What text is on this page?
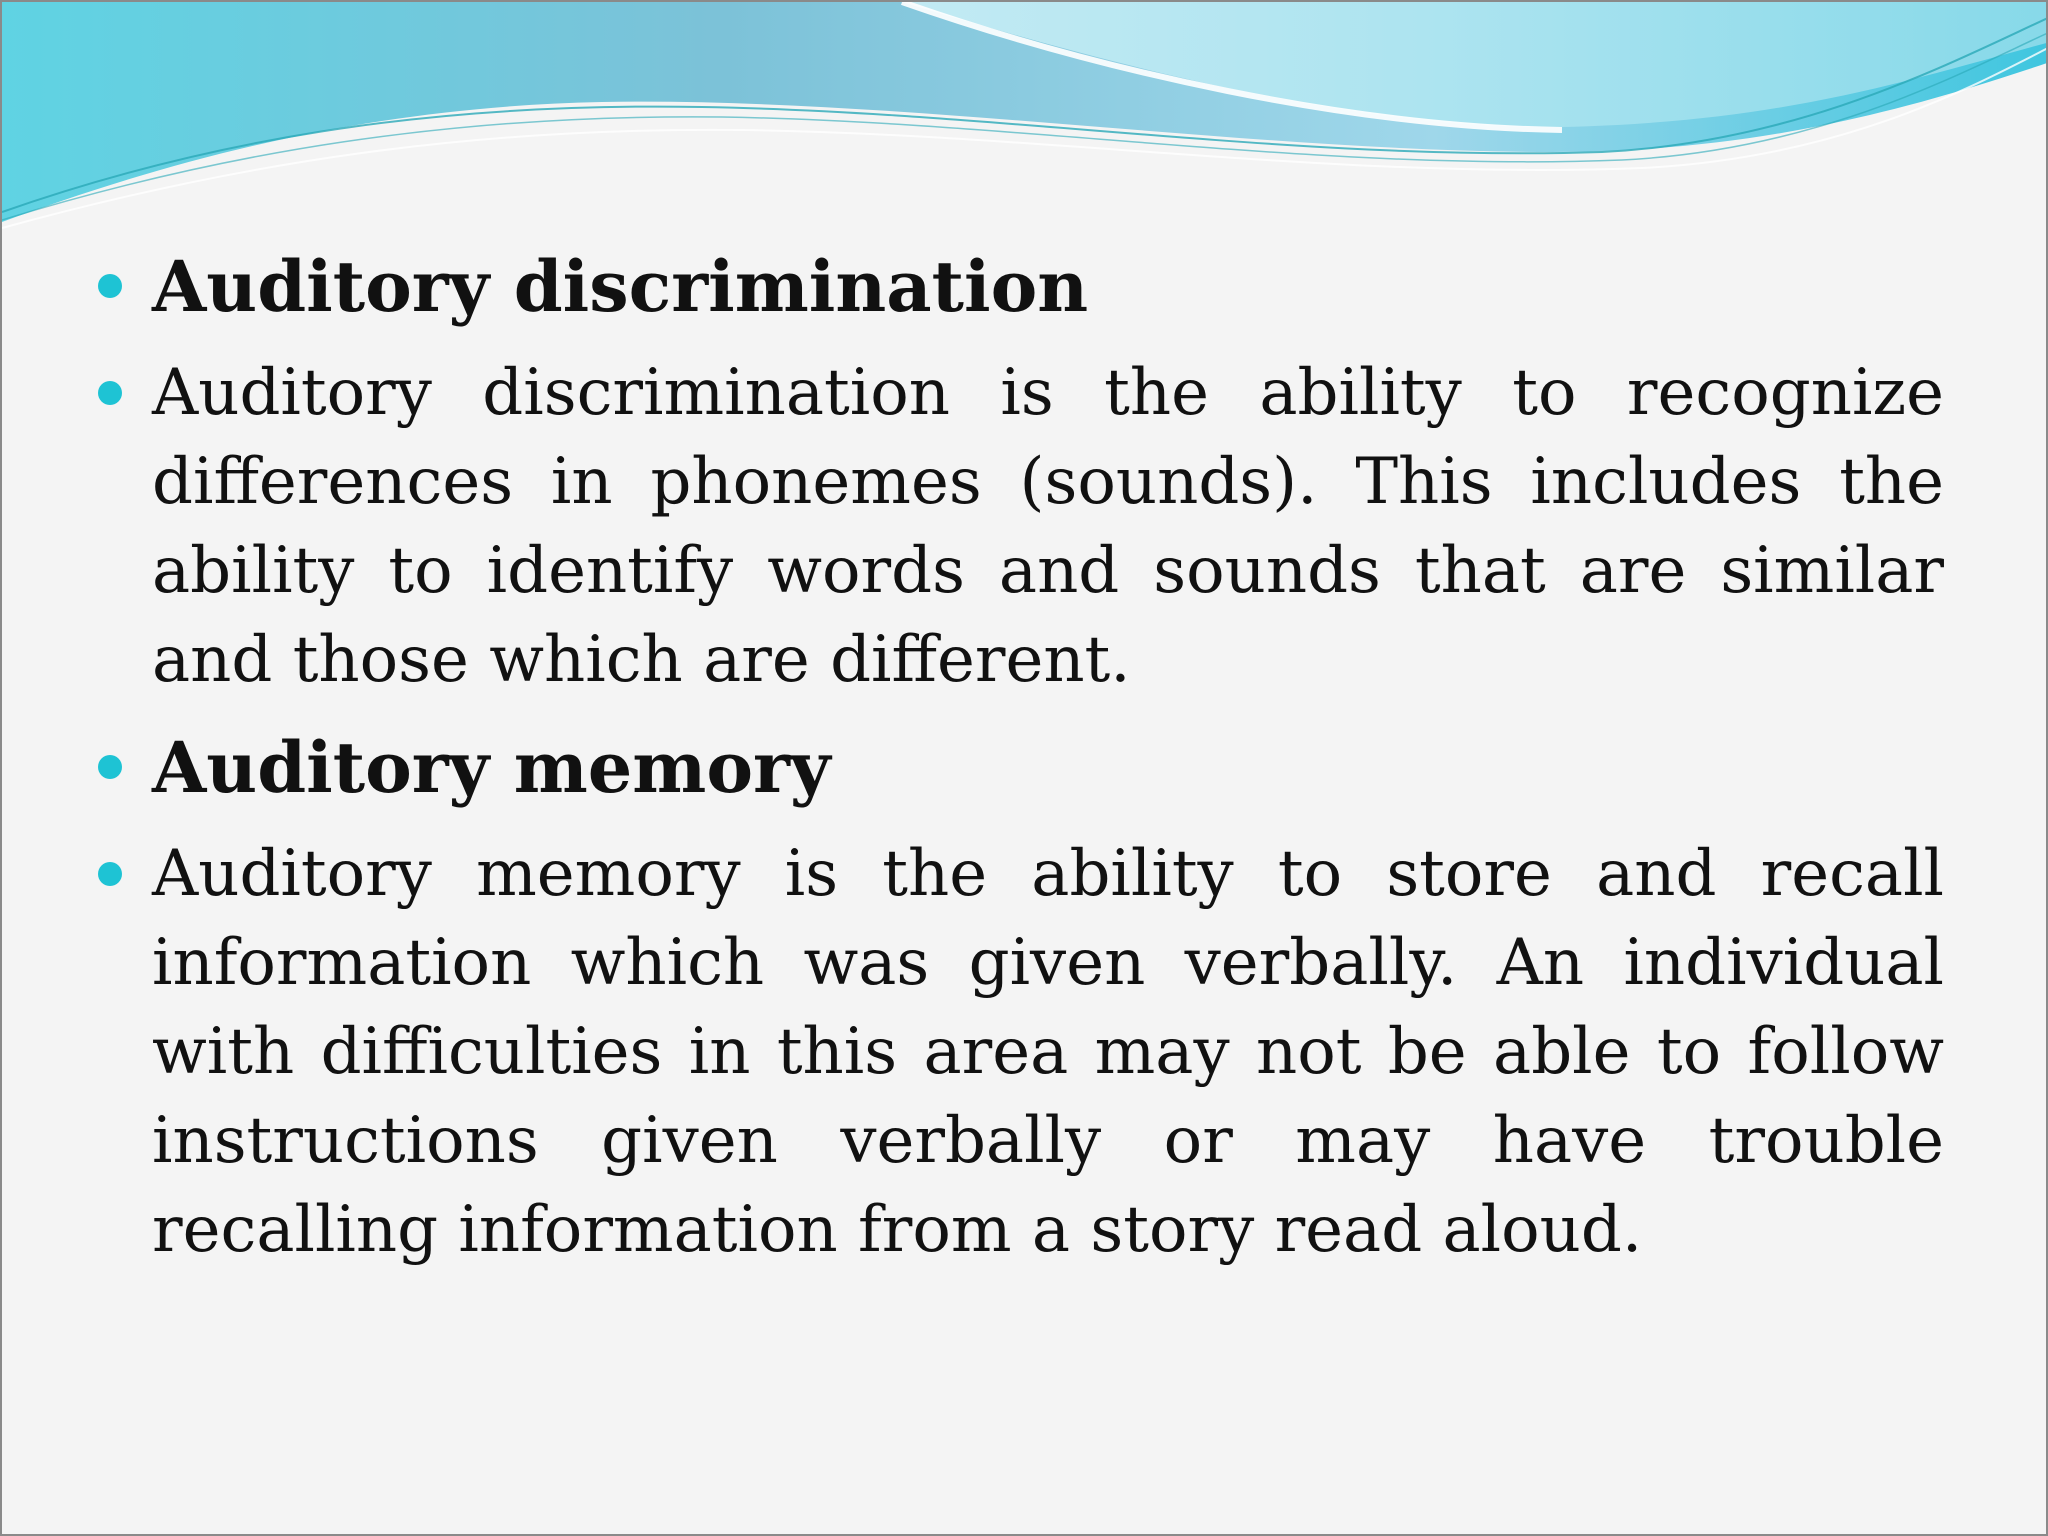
Auditory discrimination
Auditory discrimination is the ability to recognize differences in phonemes (sounds). This includes the ability to identify words and sounds that are similar and those which are different.
Auditory memory
Auditory memory is the ability to store and recall information which was given verbally. An individual with difficulties in this area may not be able to follow instructions given verbally or may have trouble recalling information from a story read aloud.
